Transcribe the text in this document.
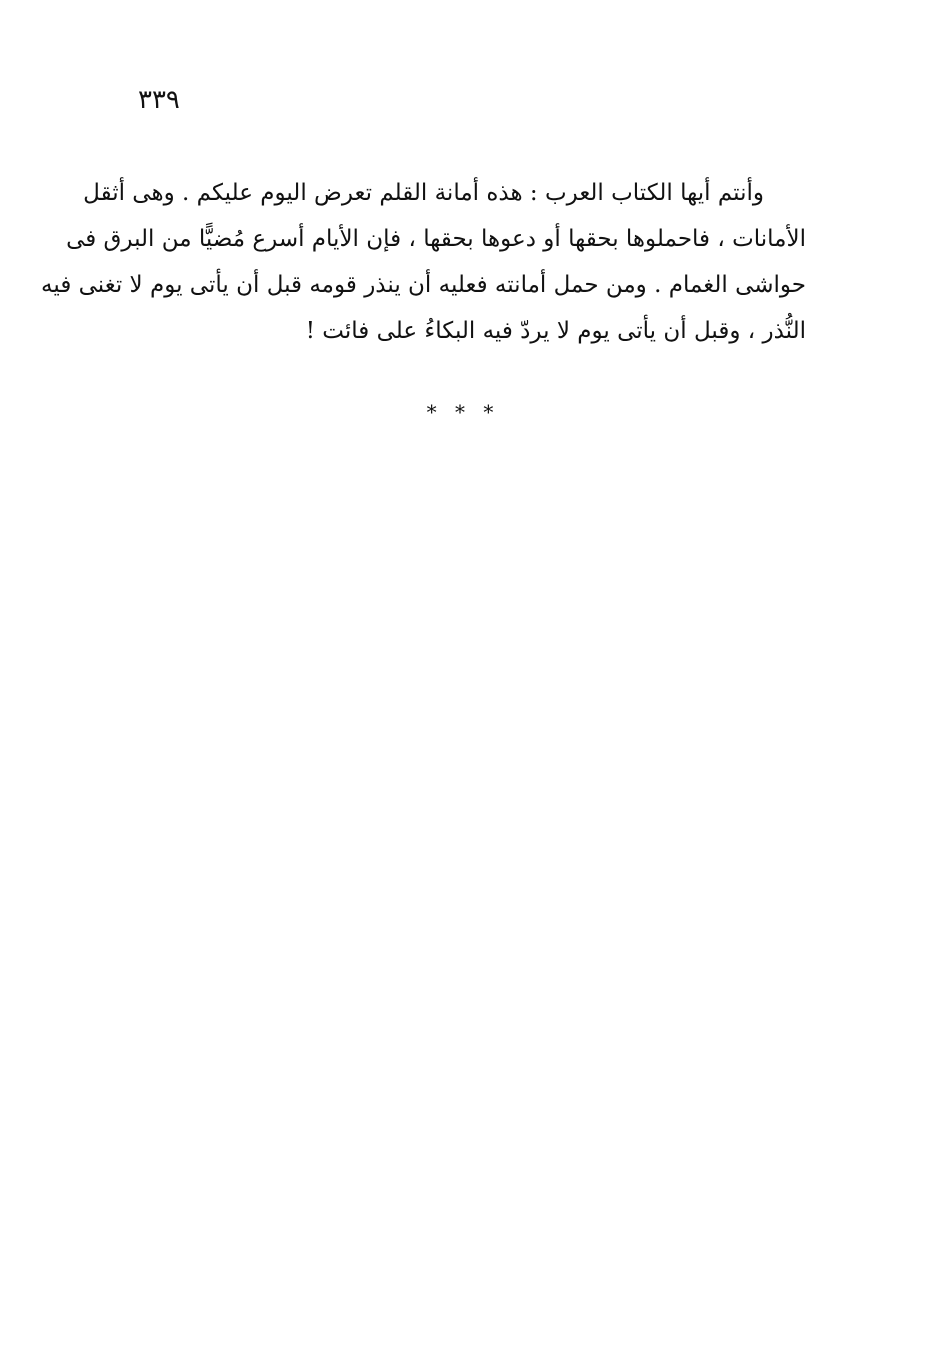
٣٣٩
وأنتم أيها الكتاب العرب : هذه أمانة القلم تعرض اليوم عليكم . وهى أثقل
الأمانات ، فاحملوها بحقها أو دعوها بحقها ، فإن الأيام أسرع مُضيًّا من البرق فى
حواشى الغمام . ومن حمل أمانته فعليه أن ينذر قومه قبل أن يأتى يوم لا تغنى فيه
النُّذر ، وقبل أن يأتى يوم لا يردّ فيه البكاءُ على فائت !
* * *
